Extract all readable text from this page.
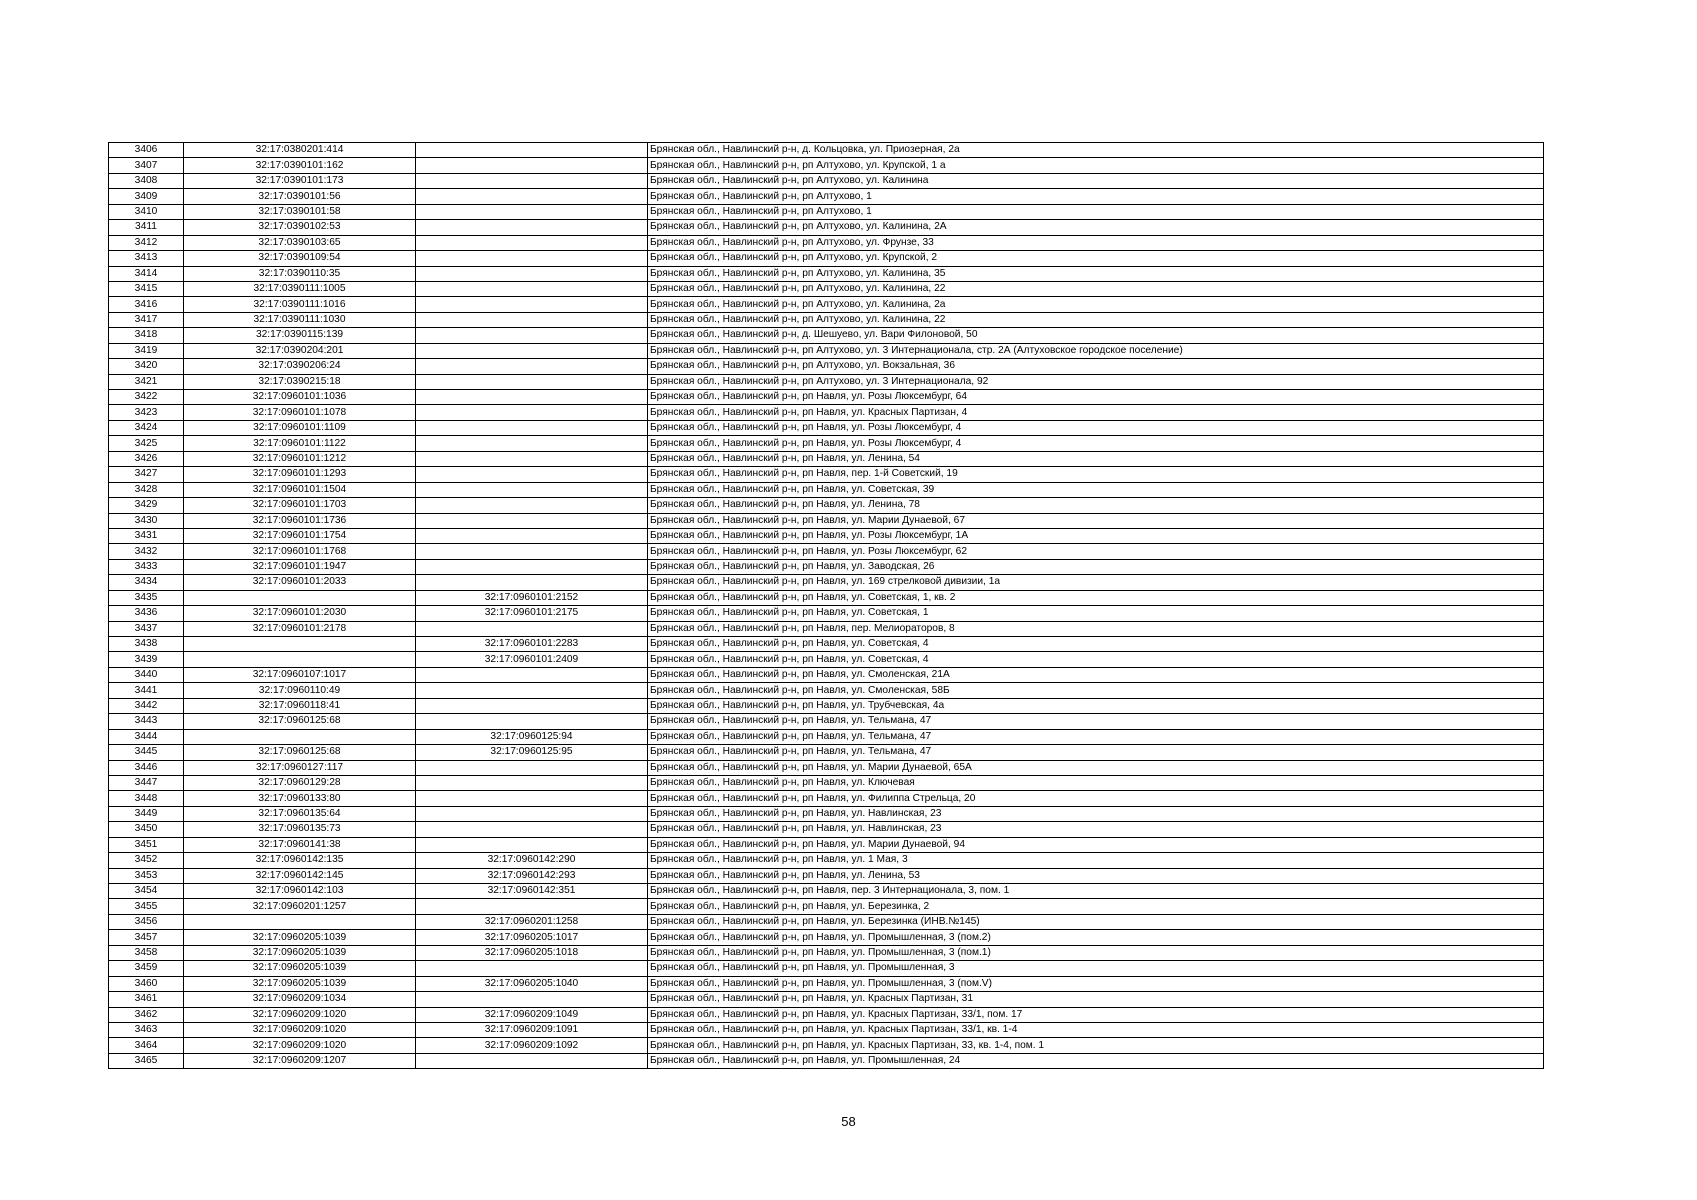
3406	32:17:0380201:414		Брянская обл., Навлинский р-н, д. Кольцовка, ул. Приозерная, 2а
3407	32:17:0390101:162		Брянская обл., Навлинский р-н, рп Алтухово, ул. Крупской, 1 а
3408	32:17:0390101:173		Брянская обл., Навлинский р-н, рп Алтухово, ул. Калинина
3409	32:17:0390101:56		Брянская обл., Навлинский р-н, рп Алтухово, 1
3410	32:17:0390101:58		Брянская обл., Навлинский р-н, рп Алтухово, 1
3411	32:17:0390102:53		Брянская обл., Навлинский р-н, рп Алтухово, ул. Калинина, 2А
3412	32:17:0390103:65		Брянская обл., Навлинский р-н, рп Алтухово, ул. Фрунзе, 33
3413	32:17:0390109:54		Брянская обл., Навлинский р-н, рп Алтухово, ул. Крупской, 2
3414	32:17:0390110:35		Брянская обл., Навлинский р-н, рп Алтухово, ул. Калинина, 35
3415	32:17:0390111:1005		Брянская обл., Навлинский р-н, рп Алтухово, ул. Калинина, 22
3416	32:17:0390111:1016		Брянская обл., Навлинский р-н, рп Алтухово, ул. Калинина, 2а
3417	32:17:0390111:1030		Брянская обл., Навлинский р-н, рп Алтухово, ул. Калинина, 22
3418	32:17:0390115:139		Брянская обл., Навлинский р-н, д. Шешуево, ул. Вари Филоновой, 50
3419	32:17:0390204:201		Брянская обл., Навлинский р-н, рп Алтухово, ул. 3 Интернационала, стр. 2А (Алтуховское городское поселение)
3420	32:17:0390206:24		Брянская обл., Навлинский р-н, рп Алтухово, ул. Вокзальная, 36
3421	32:17:0390215:18		Брянская обл., Навлинский р-н, рп Алтухово, ул. 3 Интернационала, 92
3422	32:17:0960101:1036		Брянская обл., Навлинский р-н, рп Навля, ул. Розы Люксембург, 64
3423	32:17:0960101:1078		Брянская обл., Навлинский р-н, рп Навля, ул. Красных Партизан, 4
3424	32:17:0960101:1109		Брянская обл., Навлинский р-н, рп Навля, ул. Розы Люксембург, 4
3425	32:17:0960101:1122		Брянская обл., Навлинский р-н, рп Навля, ул. Розы Люксембург, 4
3426	32:17:0960101:1212		Брянская обл., Навлинский р-н, рп Навля, ул. Ленина, 54
3427	32:17:0960101:1293		Брянская обл., Навлинский р-н, рп Навля, пер. 1-й Советский, 19
3428	32:17:0960101:1504		Брянская обл., Навлинский р-н, рп Навля, ул. Советская, 39
3429	32:17:0960101:1703		Брянская обл., Навлинский р-н, рп Навля, ул. Ленина, 78
3430	32:17:0960101:1736		Брянская обл., Навлинский р-н, рп Навля, ул. Марии Дунаевой, 67
3431	32:17:0960101:1754		Брянская обл., Навлинский р-н, рп Навля, ул. Розы Люксембург, 1А
3432	32:17:0960101:1768		Брянская обл., Навлинский р-н, рп Навля, ул. Розы Люксембург, 62
3433	32:17:0960101:1947		Брянская обл., Навлинский р-н, рп Навля, ул. Заводская, 26
3434	32:17:0960101:2033		Брянская обл., Навлинский р-н, рп Навля, ул. 169 стрелковой дивизии, 1а
3435		32:17:0960101:2152	Брянская обл., Навлинский р-н, рп Навля, ул. Советская, 1, кв. 2
3436	32:17:0960101:2030	32:17:0960101:2175	Брянская обл., Навлинский р-н, рп Навля, ул. Советская, 1
3437	32:17:0960101:2178		Брянская обл., Навлинский р-н, рп Навля, пер. Мелиораторов, 8
3438		32:17:0960101:2283	Брянская обл., Навлинский р-н, рп Навля, ул. Советская, 4
3439		32:17:0960101:2409	Брянская обл., Навлинский р-н, рп Навля, ул. Советская, 4
3440	32:17:0960107:1017		Брянская обл., Навлинский р-н, рп Навля, ул. Смоленская, 21А
3441	32:17:0960110:49		Брянская обл., Навлинский р-н, рп Навля, ул. Смоленская, 58Б
3442	32:17:0960118:41		Брянская обл., Навлинский р-н, рп Навля, ул. Трубчевская, 4а
3443	32:17:0960125:68		Брянская обл., Навлинский р-н, рп Навля, ул. Тельмана, 47
3444		32:17:0960125:94	Брянская обл., Навлинский р-н, рп Навля, ул. Тельмана, 47
3445	32:17:0960125:68	32:17:0960125:95	Брянская обл., Навлинский р-н, рп Навля, ул. Тельмана, 47
3446	32:17:0960127:117		Брянская обл., Навлинский р-н, рп Навля, ул. Марии Дунаевой, 65А
3447	32:17:0960129:28		Брянская обл., Навлинский р-н, рп Навля, ул. Ключевая
3448	32:17:0960133:80		Брянская обл., Навлинский р-н, рп Навля, ул. Филиппа Стрельца, 20
3449	32:17:0960135:64		Брянская обл., Навлинский р-н, рп Навля, ул. Навлинская, 23
3450	32:17:0960135:73		Брянская обл., Навлинский р-н, рп Навля, ул. Навлинская, 23
3451	32:17:0960141:38		Брянская обл., Навлинский р-н, рп Навля, ул. Марии Дунаевой, 94
3452	32:17:0960142:135	32:17:0960142:290	Брянская обл., Навлинский р-н, рп Навля, ул. 1 Мая, 3
3453	32:17:0960142:145	32:17:0960142:293	Брянская обл., Навлинский р-н, рп Навля, ул. Ленина, 53
3454	32:17:0960142:103	32:17:0960142:351	Брянская обл., Навлинский р-н, рп Навля, пер. 3 Интернационала, 3, пом. 1
3455	32:17:0960201:1257		Брянская обл., Навлинский р-н, рп Навля, ул. Березинка, 2
3456		32:17:0960201:1258	Брянская обл., Навлинский р-н, рп Навля, ул. Березинка (ИНВ.№145)
3457	32:17:0960205:1039	32:17:0960205:1017	Брянская обл., Навлинский р-н, рп Навля, ул. Промышленная, 3 (пом.2)
3458	32:17:0960205:1039	32:17:0960205:1018	Брянская обл., Навлинский р-н, рп Навля, ул. Промышленная, 3 (пом.1)
3459	32:17:0960205:1039		Брянская обл., Навлинский р-н, рп Навля, ул. Промышленная, 3
3460	32:17:0960205:1039	32:17:0960205:1040	Брянская обл., Навлинский р-н, рп Навля, ул. Промышленная, 3 (пом.V)
3461	32:17:0960209:1034		Брянская обл., Навлинский р-н, рп Навля, ул. Красных Партизан, 31
3462	32:17:0960209:1020	32:17:0960209:1049	Брянская обл., Навлинский р-н, рп Навля, ул. Красных Партизан, 33/1, пом. 17
3463	32:17:0960209:1020	32:17:0960209:1091	Брянская обл., Навлинский р-н, рп Навля, ул. Красных Партизан, 33/1, кв. 1-4
3464	32:17:0960209:1020	32:17:0960209:1092	Брянская обл., Навлинский р-н, рп Навля, ул. Красных Партизан, 33, кв. 1-4, пом. 1
3465	32:17:0960209:1207		Брянская обл., Навлинский р-н, рп Навля, ул. Промышленная, 24
58
